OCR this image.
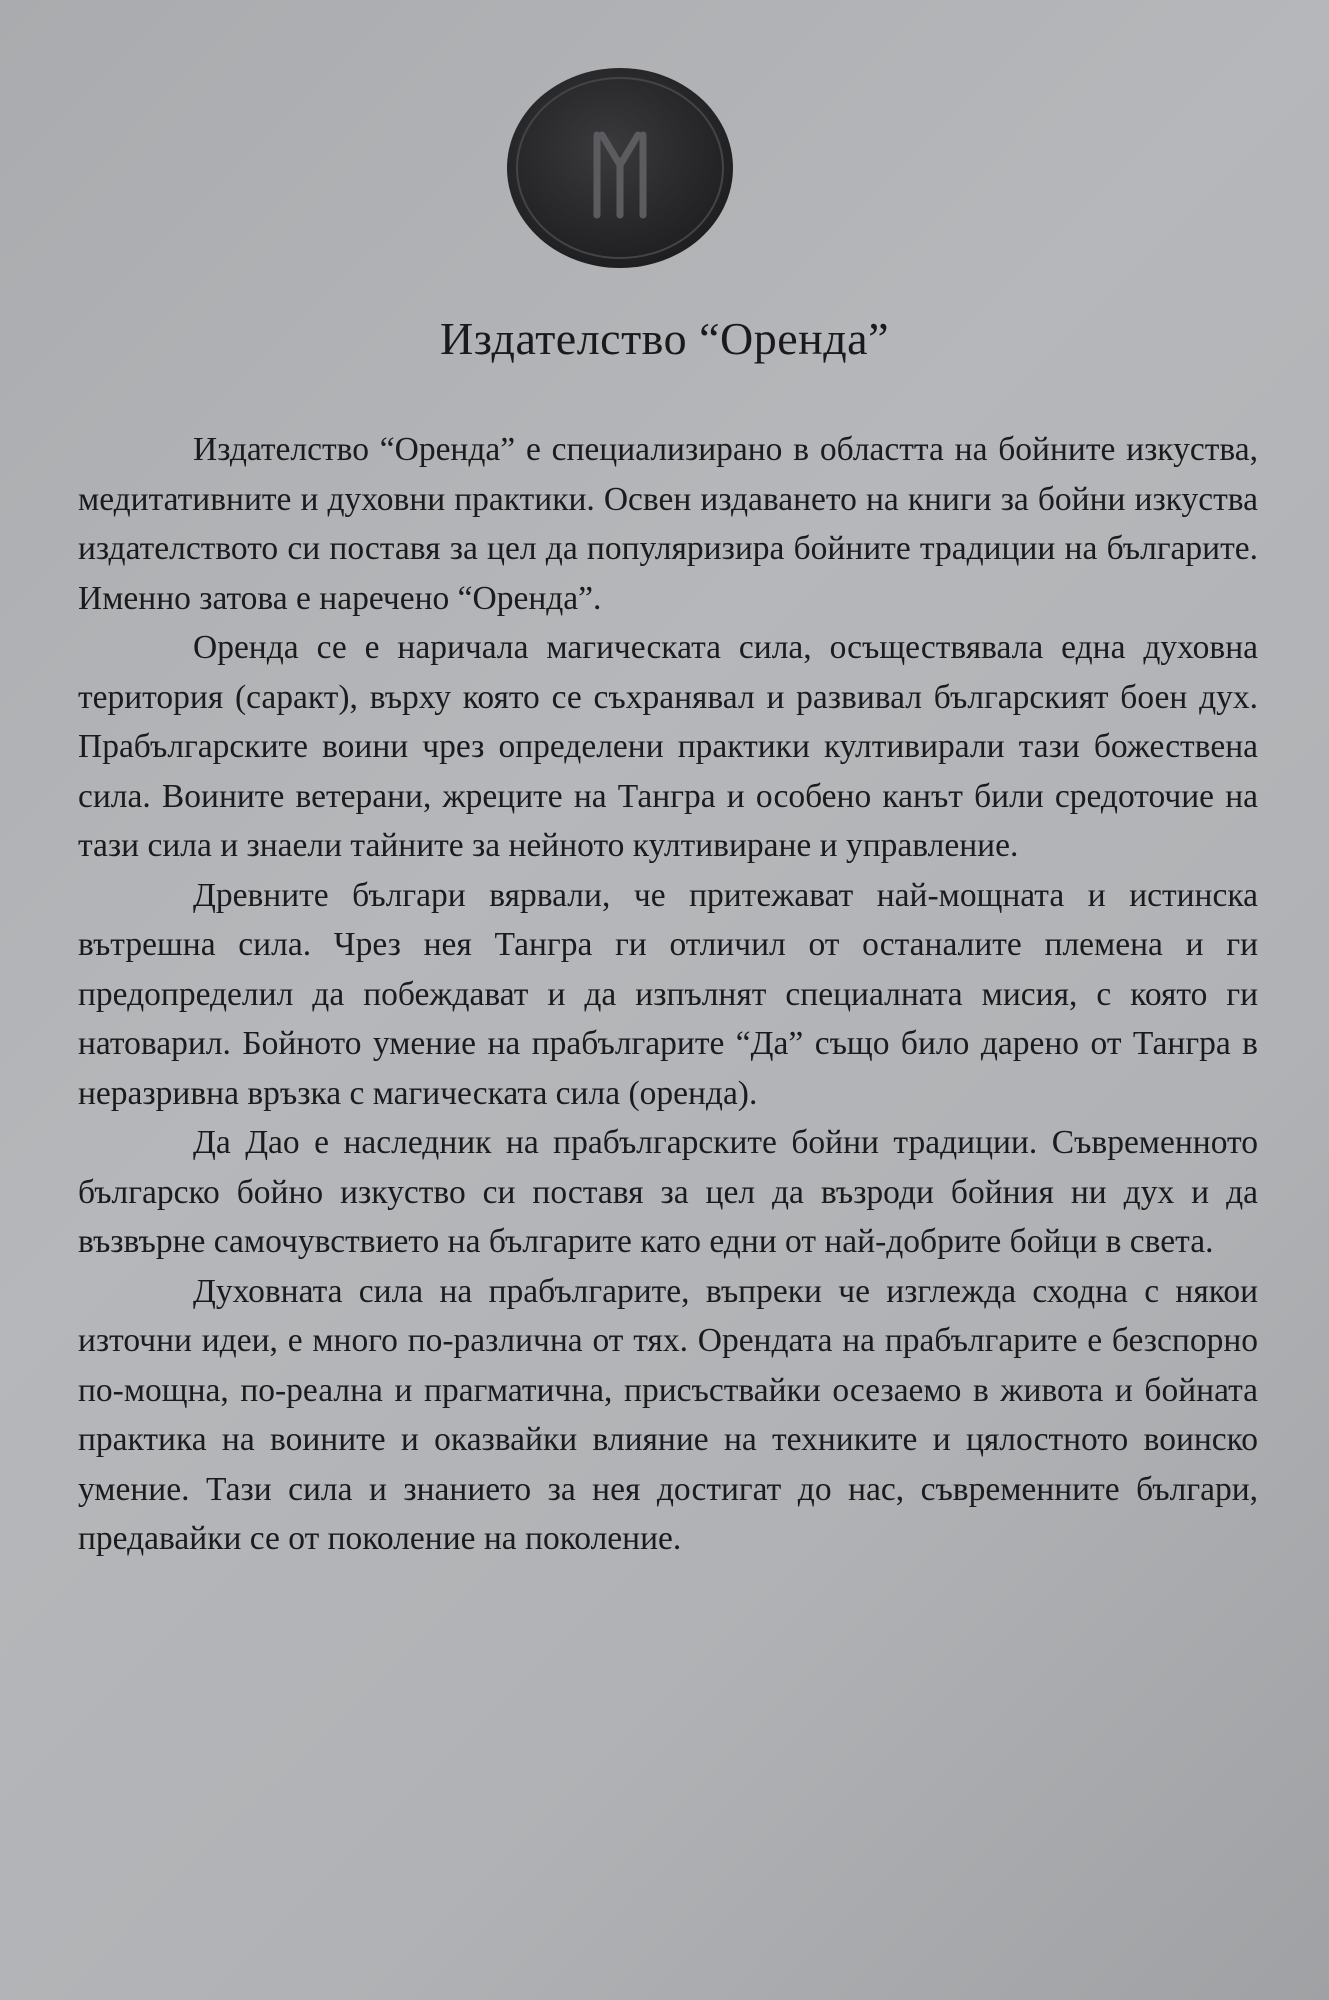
Издателство “Оренда”

Издателство “Оренда” е специализирано в областта на бойните изкуства, медитативните и духовни практики. Освен издаването на книги за бойни изкуства издателството си поставя за цел да популяризира бойните традиции на българите. Именно затова е наречено “Оренда”.

Оренда се е наричала магическата сила, осъществявала една духовна територия (саракт), върху която се съхранявал и развивал българският боен дух. Прабългарските воини чрез определени практики култивирали тази божествена сила. Воините ветерани, жреците на Тангра и особено канът били средоточие на тази сила и знаели тайните за нейното култивиране и управление.

Древните българи вярвали, че притежават най-мощната и истинска вътрешна сила. Чрез нея Тангра ги отличил от останалите племена и ги предопределил да побеждават и да изпълнят специалната мисия, с която ги натоварил. Бойното умение на прабългарите “Да” също било дарено от Тангра в неразривна връзка с магическата сила (оренда).

Да Дао е наследник на прабългарските бойни традиции. Съвременното българско бойно изкуство си поставя за цел да възроди бойния ни дух и да възвърне самочувствието на българите като едни от най-добрите бойци в света.

Духовната сила на прабългарите, въпреки че изглежда сходна с някои източни идеи, е много по-различна от тях. Орендата на прабългарите е безспорно по-мощна, по-реална и прагматична, присъствайки осезаемо в живота и бойната практика на воините и оказвайки влияние на техниките и цялостното воинско умение. Тази сила и знанието за нея достигат до нас, съвременните българи, предавайки се от поколение на поколение.
